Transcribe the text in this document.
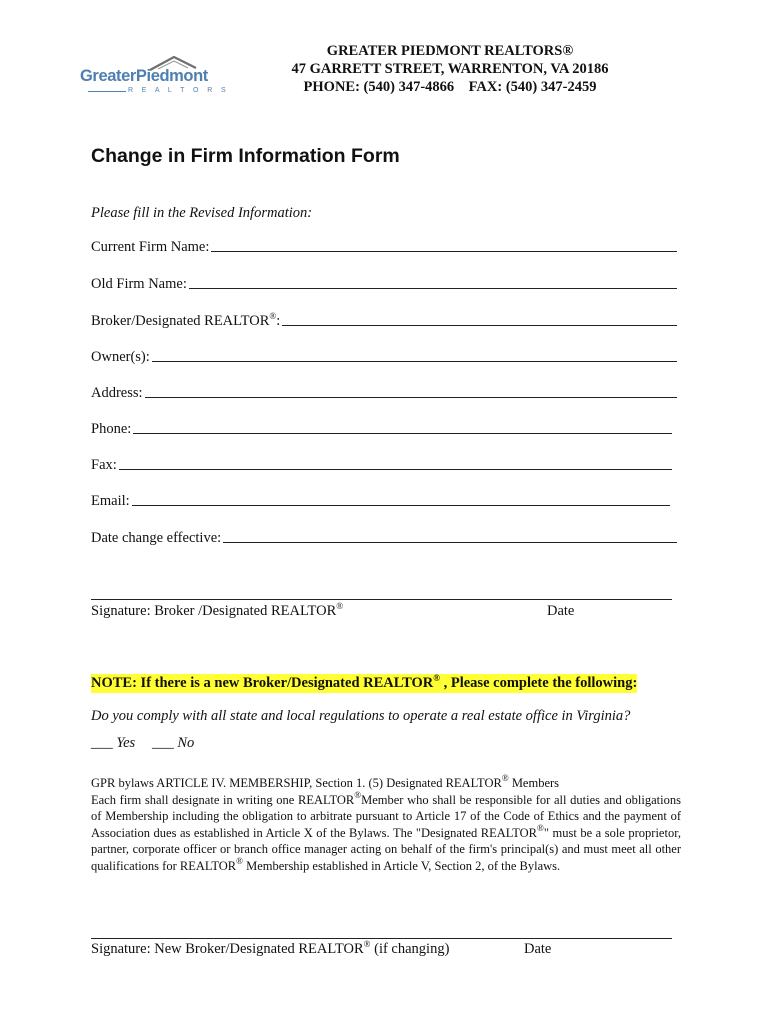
GreaterPiedmont
R E A L T O R S
GREATER PIEDMONT REALTORS®
47 GARRETT STREET, WARRENTON, VA 20186
PHONE: (540) 347-4866 FAX: (540) 347-2459
Change in Firm Information Form
Please fill in the Revised Information:
Current Firm Name:
Old Firm Name:
Broker/Designated REALTOR®:
Owner(s):
Address:
Phone:
Fax:
Email:
Date change effective:
Signature: Broker /Designated REALTOR®	Date
NOTE: If there is a new Broker/Designated REALTOR® , Please complete the following:
Do you comply with all state and local regulations to operate a real estate office in Virginia?
___ Yes ___ No
GPR bylaws ARTICLE IV. MEMBERSHIP, Section 1. (5) Designated REALTOR® Members
Each firm shall designate in writing one REALTOR®Member who shall be responsible for all duties and obligations of Membership including the obligation to arbitrate pursuant to Article 17 of the Code of Ethics and the payment of Association dues as established in Article X of the Bylaws. The "Designated REALTOR®" must be a sole proprietor, partner, corporate officer or branch office manager acting on behalf of the firm's principal(s) and must meet all other qualifications for REALTOR® Membership established in Article V, Section 2, of the Bylaws.
Signature: New Broker/Designated REALTOR® (if changing)	Date
